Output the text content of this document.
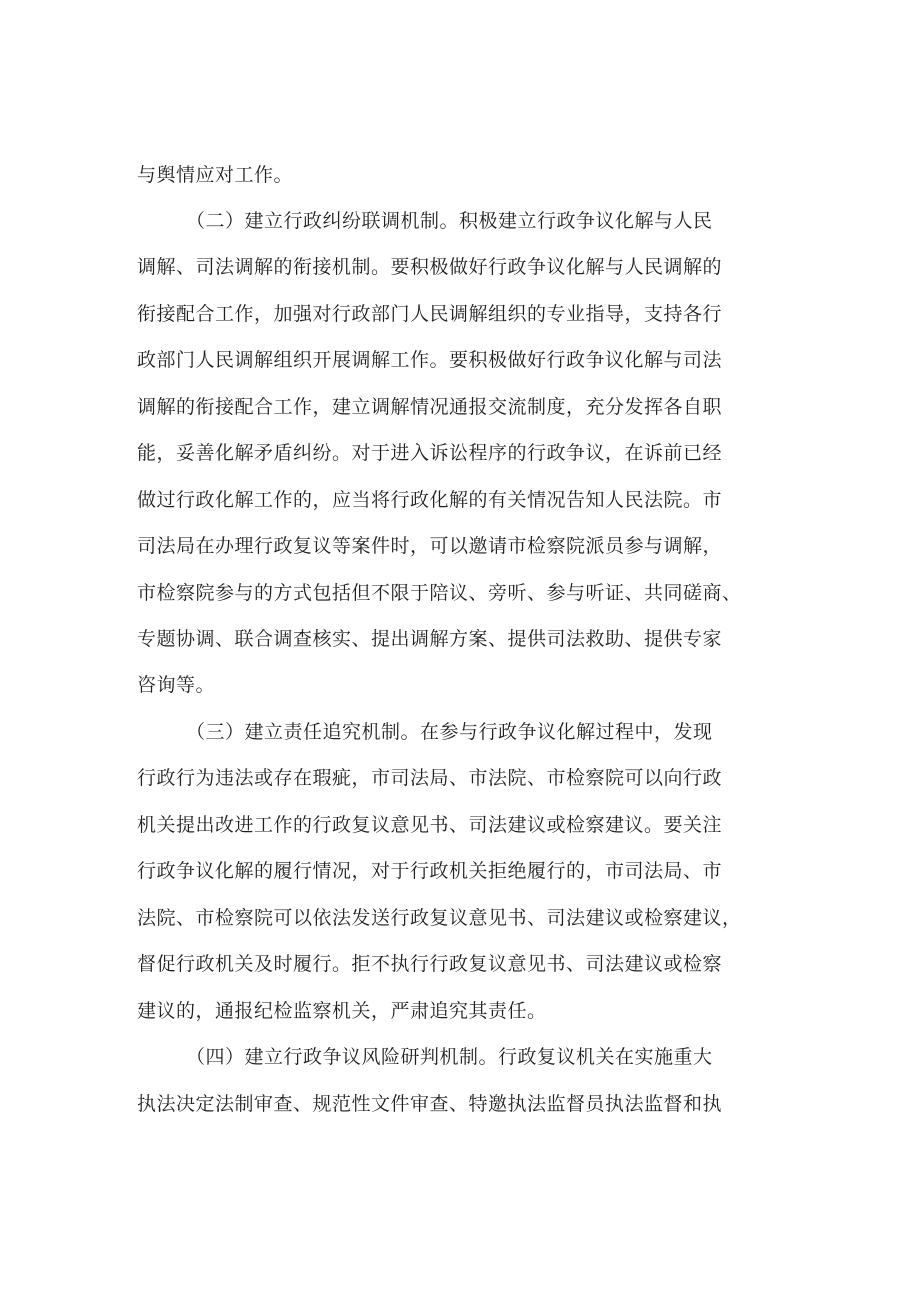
与舆情应对工作。
（二）建立行政纠纷联调机制。积极建立行政争议化解与人民
调解、司法调解的衔接机制。要积极做好行政争议化解与人民调解的
衔接配合工作，加强对行政部门人民调解组织的专业指导，支持各行
政部门人民调解组织开展调解工作。要积极做好行政争议化解与司法
调解的衔接配合工作，建立调解情况通报交流制度，充分发挥各自职
能，妥善化解矛盾纠纷。对于进入诉讼程序的行政争议，在诉前已经
做过行政化解工作的，应当将行政化解的有关情况告知人民法院。市
司法局在办理行政复议等案件时，可以邀请市检察院派员参与调解，
市检察院参与的方式包括但不限于陪议、旁听、参与听证、共同磋商、
专题协调、联合调查核实、提出调解方案、提供司法救助、提供专家
咨询等。
（三）建立责任追究机制。在参与行政争议化解过程中，发现
行政行为违法或存在瑕疵，市司法局、市法院、市检察院可以向行政
机关提出改进工作的行政复议意见书、司法建议或检察建议。要关注
行政争议化解的履行情况，对于行政机关拒绝履行的，市司法局、市
法院、市检察院可以依法发送行政复议意见书、司法建议或检察建议，
督促行政机关及时履行。拒不执行行政复议意见书、司法建议或检察
建议的，通报纪检监察机关，严肃追究其责任。
（四）建立行政争议风险研判机制。行政复议机关在实施重大
执法决定法制审查、规范性文件审查、特邀执法监督员执法监督和执
